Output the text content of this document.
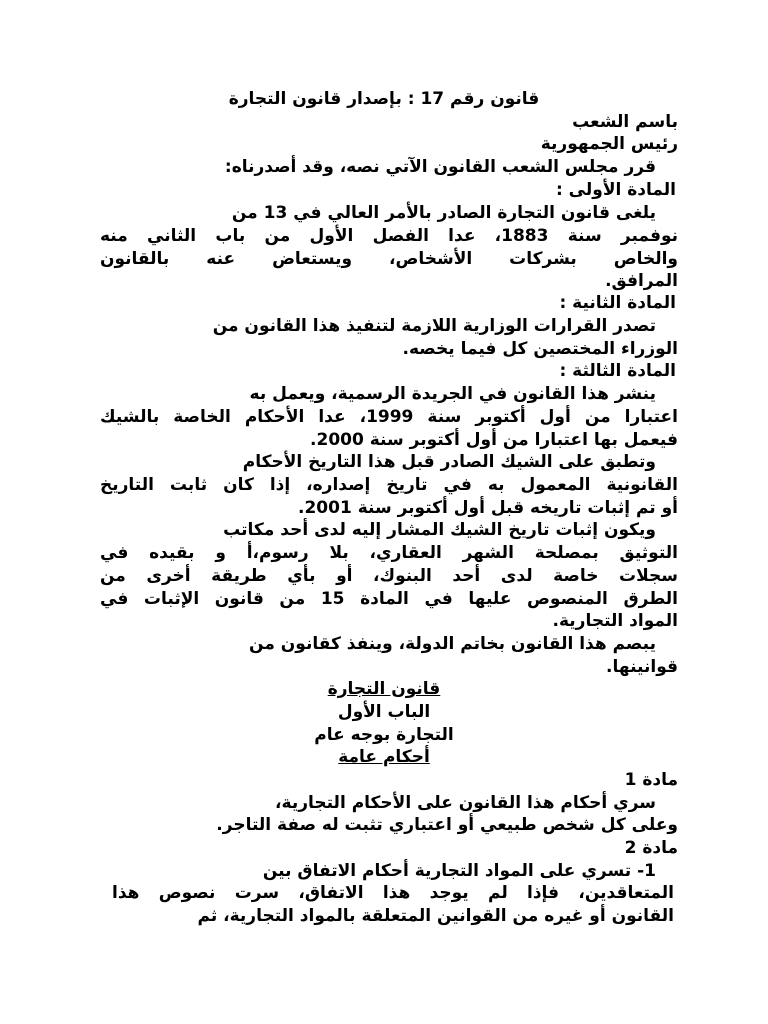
قانون رقم 17 : بإصدار قانون التجارة
باسم الشعب
رئيس الجمهورية
قرر مجلس الشعب القانون الآتي نصه، وقد أصدرناه:
المادة الأولى :
يلغى قانون التجارة الصادر بالأمر العالي في 13 من
نوفمبر سنة 1883، عدا الفصل الأول من باب الثاني منه
والخاص بشركات الأشخاص، ويستعاض عنه بالقانون
المرافق.
المادة الثانية :
تصدر القرارات الوزارية اللازمة لتنفيذ هذا القانون من
الوزراء المختصين كل فيما يخصه.
المادة الثالثة :
ينشر هذا القانون في الجريدة الرسمية، ويعمل به
اعتبارا من أول أكتوبر سنة 1999، عدا الأحكام الخاصة بالشيك
فيعمل بها اعتبارا من أول أكتوبر سنة 2000.
وتطبق على الشيك الصادر قبل هذا التاريخ الأحكام
القانونية المعمول به في تاريخ إصداره، إذا كان ثابت التاريخ
أو تم إثبات تاريخه قبل أول أكتوبر سنة 2001.
ويكون إثبات تاريخ الشيك المشار إليه لدى أحد مكاتب
التوثيق بمصلحة الشهر العقاري، بلا رسوم،أ و بقيده في
سجلات خاصة لدى أحد البنوك، أو بأي طريقة أخرى من
الطرق المنصوص عليها في المادة 15 من قانون الإثبات في
المواد التجارية.
يبصم هذا القانون بخاتم الدولة، وينفذ كقانون من
قوانينها.
قانون التجارة
الباب الأول
التجارة بوجه عام
أحكام عامة
مادة 1
سري أحكام هذا القانون على الأحكام التجارية،
وعلى كل شخص طبيعي أو اعتباري تثبت له صفة التاجر.
مادة 2
1- تسري على المواد التجارية أحكام الاتفاق بين
المتعاقدين، فإذا لم يوجد هذا الاتفاق، سرت نصوص هذا
القانون أو غيره من القوانين المتعلقة بالمواد التجارية، ثم
